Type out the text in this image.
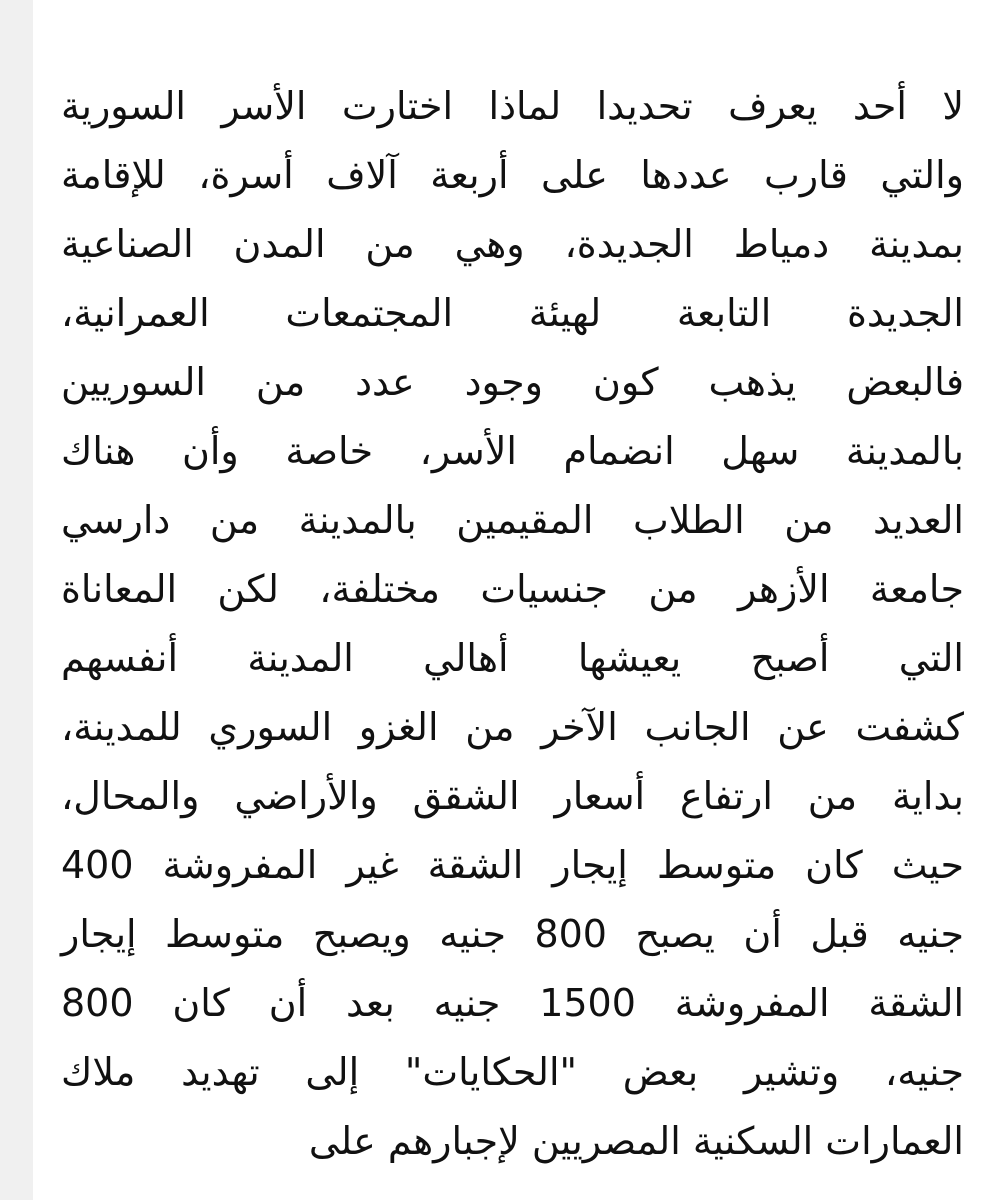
لا أحد يعرف تحديدا لماذا اختارت الأسر السورية
والتي قارب عددها على أربعة آلاف أسرة، للإقامة
بمدينة دمياط الجديدة، وهي من المدن الصناعية
الجديدة التابعة لهيئة المجتمعات العمرانية،
فالبعض يذهب كون وجود عدد من السوريين
بالمدينة سهل انضمام الأسر، خاصة وأن هناك
العديد من الطلاب المقيمين بالمدينة من دارسي
جامعة الأزهر من جنسيات مختلفة، لكن المعاناة
التي أصبح يعيشها أهالي المدينة أنفسهم
كشفت عن الجانب الآخر من الغزو السوري للمدينة،
بداية من ارتفاع أسعار الشقق والأراضي والمحال،
حيث كان متوسط إيجار الشقة غير المفروشة 400
جنيه قبل أن يصبح 800 جنيه ويصبح متوسط إيجار
الشقة المفروشة 1500 جنيه بعد أن كان 800
جنيه، وتشير بعض "الحكايات" إلى تهديد ملاك
العمارات السكنية المصريين لإجبارهم على
